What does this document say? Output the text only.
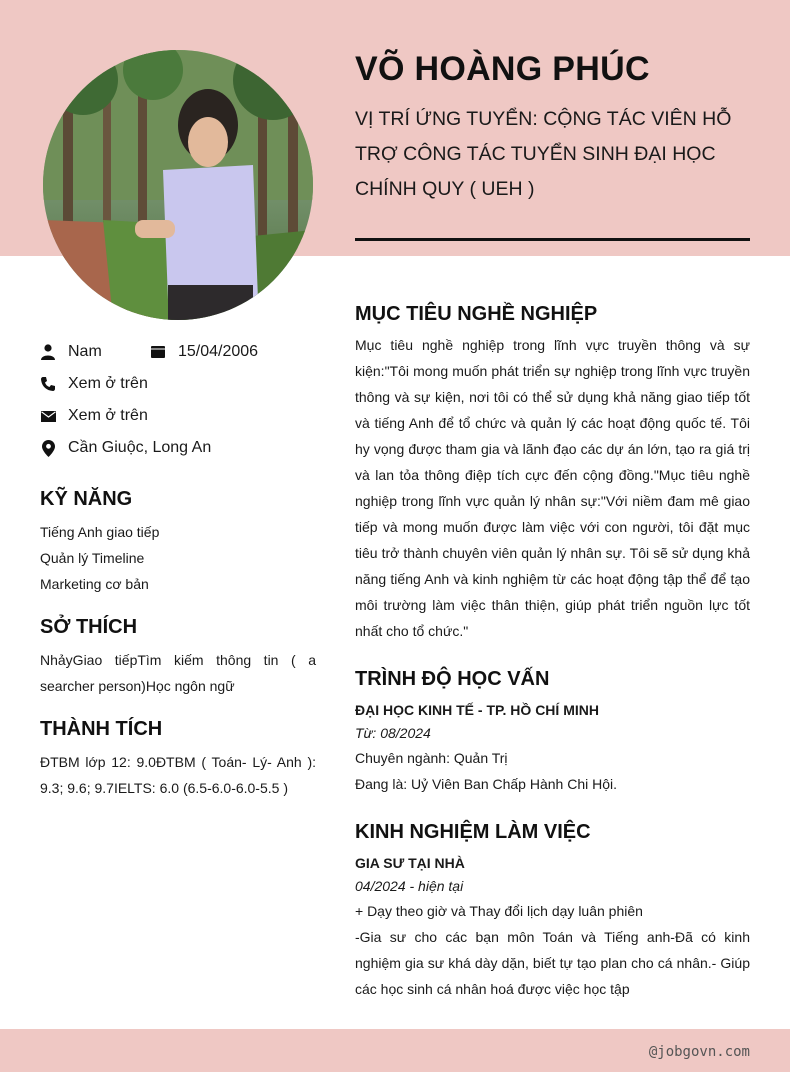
VÕ HOÀNG PHÚC
VỊ TRÍ ỨNG TUYỂN: CỘNG TÁC VIÊN HỖ TRỢ CÔNG TÁC TUYỂN SINH ĐẠI HỌC CHÍNH QUY ( UEH )
Nam	15/04/2006
Xem ở trên
Xem ở trên
Cần Giuộc, Long An
KỸ NĂNG
Tiếng Anh giao tiếp
Quản lý Timeline
Marketing cơ bản
SỞ THÍCH
NhảyGiao tiếpTìm kiếm thông tin ( a searcher person)Học ngôn ngữ
THÀNH TÍCH
ĐTBM lớp 12: 9.0ĐTBM ( Toán- Lý- Anh ): 9.3; 9.6; 9.7IELTS: 6.0 (6.5-6.0-6.0-5.5 )
MỤC TIÊU NGHỀ NGHIỆP
Mục tiêu nghề nghiệp trong lĩnh vực truyền thông và sự kiện:"Tôi mong muốn phát triển sự nghiệp trong lĩnh vực truyền thông và sự kiện, nơi tôi có thể sử dụng khả năng giao tiếp tốt và tiếng Anh để tổ chức và quản lý các hoạt động quốc tế. Tôi hy vọng được tham gia và lãnh đạo các dự án lớn, tạo ra giá trị và lan tỏa thông điệp tích cực đến cộng đồng."Mục tiêu nghề nghiệp trong lĩnh vực quản lý nhân sự:"Với niềm đam mê giao tiếp và mong muốn được làm việc với con người, tôi đặt mục tiêu trở thành chuyên viên quản lý nhân sự. Tôi sẽ sử dụng khả năng tiếng Anh và kinh nghiệm từ các hoạt động tập thể để tạo môi trường làm việc thân thiện, giúp phát triển nguồn lực tốt nhất cho tổ chức."
TRÌNH ĐỘ HỌC VẤN
ĐẠI HỌC KINH TẾ - TP. HỒ CHÍ MINH
Từ: 08/2024
Chuyên ngành: Quản Trị
Đang là: Uỷ Viên Ban Chấp Hành Chi Hội.
KINH NGHIỆM LÀM VIỆC
GIA SƯ TẠI NHÀ
04/2024 - hiện tại
+ Dạy theo giờ và Thay đổi lịch dạy luân phiên
-Gia sư cho các bạn môn Toán và Tiếng anh-Đã có kinh nghiệm gia sư khá dày dặn, biết tự tạo plan cho cá nhân.- Giúp các học sinh cá nhân hoá được việc học tập
@jobgovn.com
